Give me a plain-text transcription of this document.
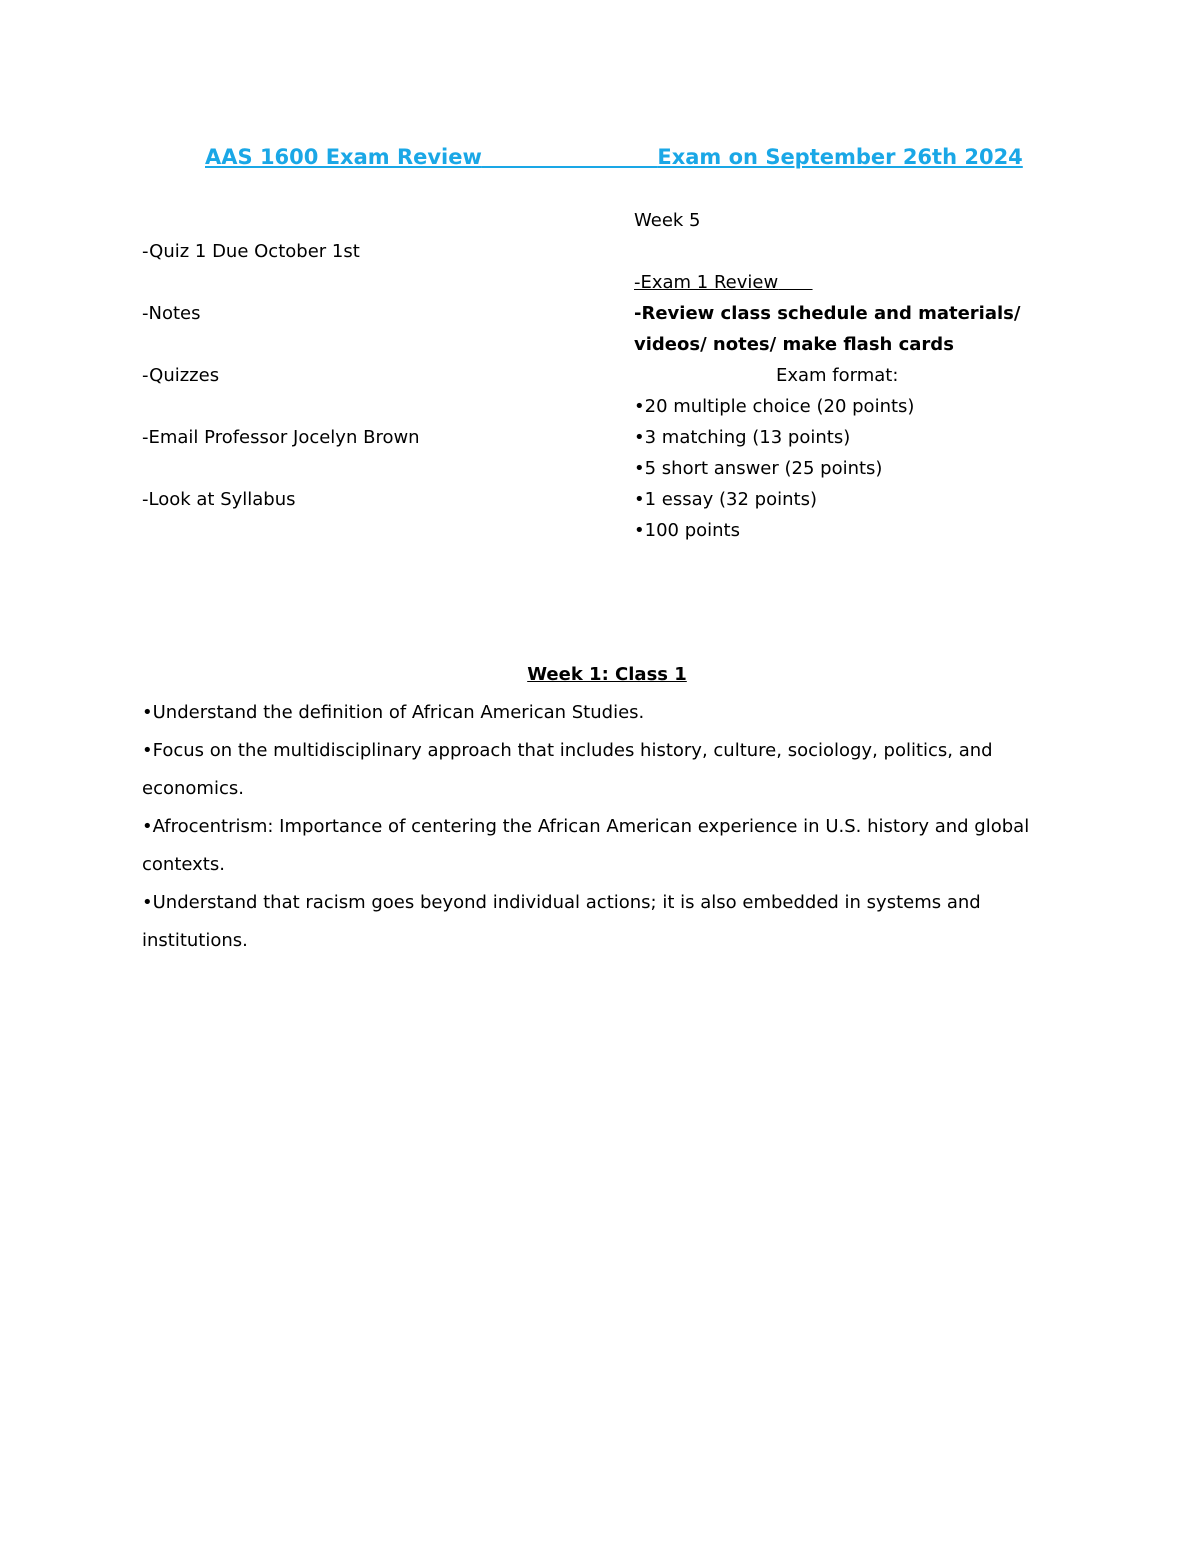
AAS 1600 Exam Review	Exam on September 26th 2024
-Quiz 1 Due October 1st
-Notes
-Quizzes
-Email Professor Jocelyn Brown
-Look at Syllabus
Week 5
-Exam 1 Review
-Review class schedule and materials/
videos/ notes/ make flash cards
Exam format:
•20 multiple choice (20 points)
•3 matching (13 points)
•5 short answer (25 points)
•1 essay (32 points)
•100 points
Week 1: Class 1

•Understand the definition of African American Studies.

•Focus on the multidisciplinary approach that includes history, culture, sociology, politics, and economics.

•Afrocentrism: Importance of centering the African American experience in U.S. history and global contexts.

•Understand that racism goes beyond individual actions; it is also embedded in systems and institutions.
